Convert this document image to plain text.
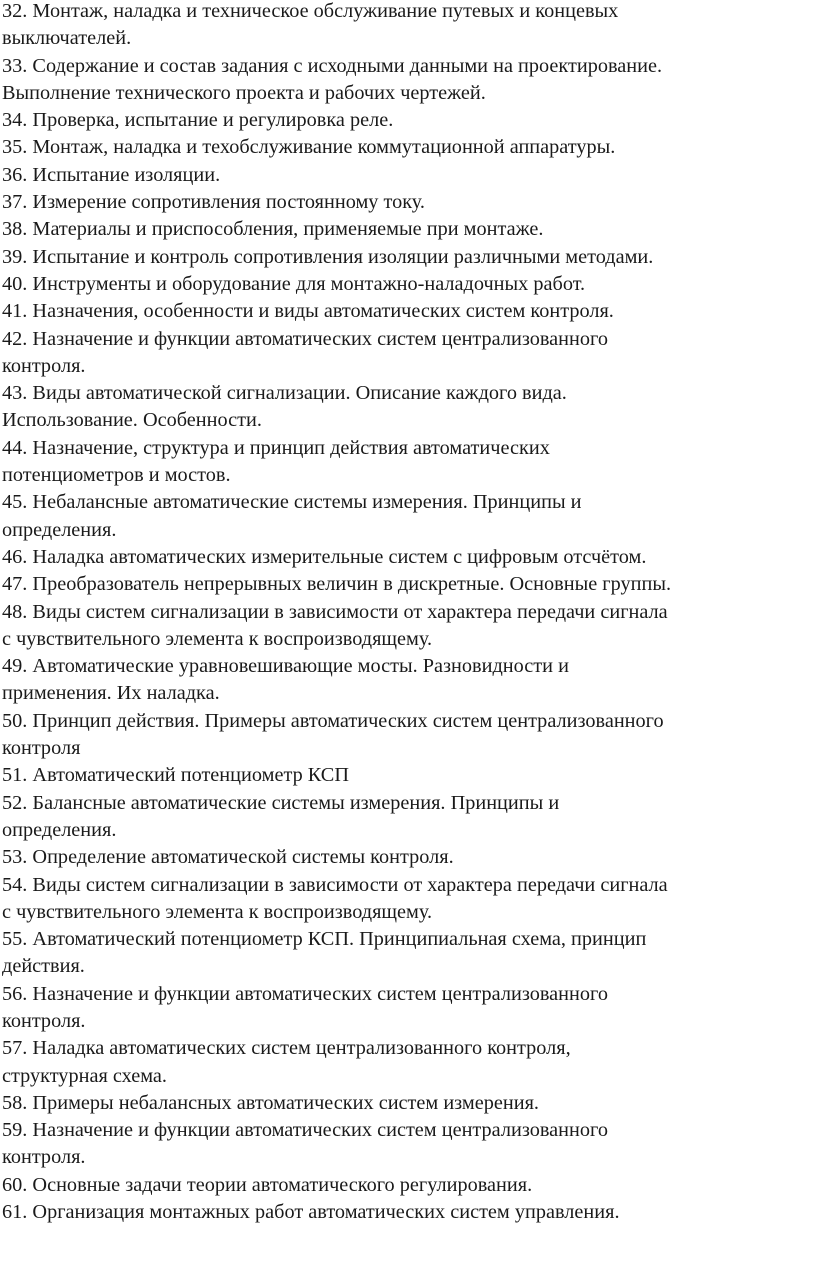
32. Монтаж, наладка и техническое обслуживание путевых и концевых
выключателей.
33. Содержание и состав задания с исходными данными на проектирование.
Выполнение технического проекта и рабочих чертежей.
34. Проверка, испытание и регулировка реле.
35. Монтаж, наладка и техобслуживание коммутационной аппаратуры.
36. Испытание изоляции.
37. Измерение сопротивления постоянному току.
38. Материалы и приспособления, применяемые при монтаже.
39. Испытание и контроль сопротивления изоляции различными методами.
40. Инструменты и оборудование для монтажно-наладочных работ.
41. Назначения, особенности и виды автоматических систем контроля.
42. Назначение и функции автоматических систем централизованного
контроля.
43. Виды автоматической сигнализации. Описание каждого вида.
Использование. Особенности.
44. Назначение, структура и принцип действия автоматических
потенциометров и мостов.
45. Небалансные автоматические системы измерения. Принципы и
определения.
46. Наладка автоматических измерительные систем с цифровым отсчётом.
47. Преобразователь непрерывных величин в дискретные. Основные группы.
48. Виды систем сигнализации в зависимости от характера передачи сигнала
с чувствительного элемента к воспроизводящему.
49. Автоматические уравновешивающие мосты. Разновидности и
применения. Их наладка.
50. Принцип действия. Примеры автоматических систем централизованного
контроля
51. Автоматический потенциометр КСП
52. Балансные автоматические системы измерения. Принципы и
определения.
53. Определение автоматической системы контроля.
54. Виды систем сигнализации в зависимости от характера передачи сигнала
с чувствительного элемента к воспроизводящему.
55. Автоматический потенциометр КСП. Принципиальная схема, принцип
действия.
56. Назначение и функции автоматических систем централизованного
контроля.
57. Наладка автоматических систем централизованного контроля,
структурная схема.
58. Примеры небалансных автоматических систем измерения.
59. Назначение и функции автоматических систем централизованного
контроля.
60. Основные задачи теории автоматического регулирования.
61. Организация монтажных работ автоматических систем управления.
